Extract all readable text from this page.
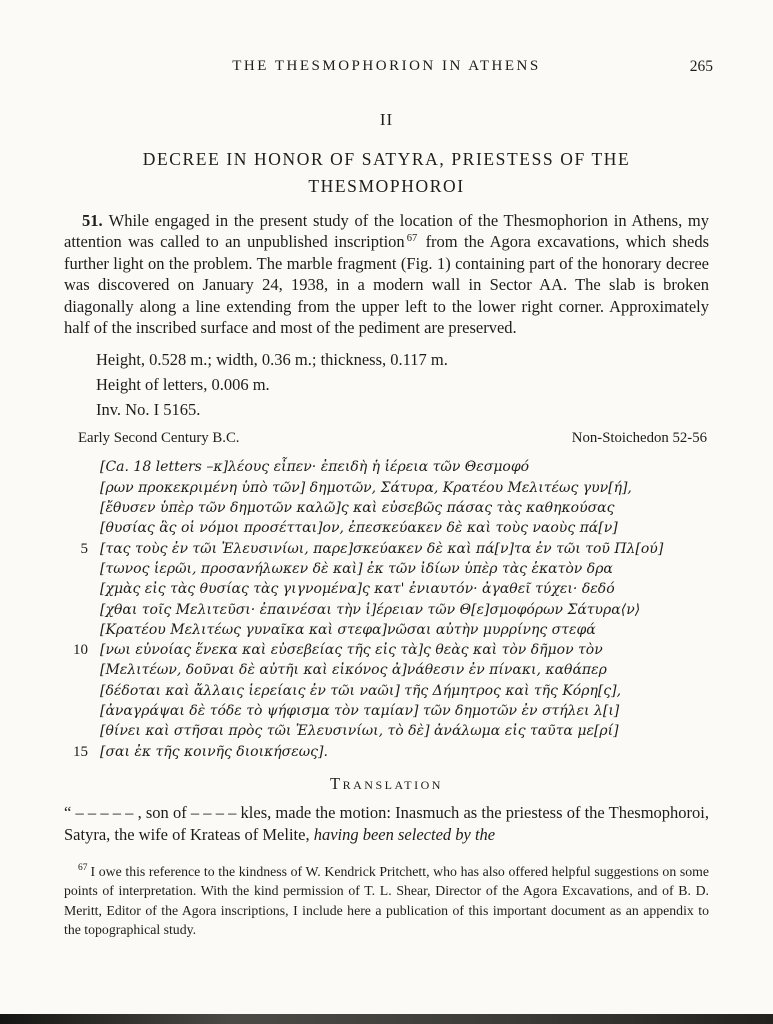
THE THESMOPHORION IN ATHENS	265
II
DECREE IN HONOR OF SATYRA, PRIESTESS OF THE
THESMOPHOROI

51. While engaged in the present study of the location of the Thesmophorion in Athens, my attention was called to an unpublished inscription $^{67}$ from the Agora excavations, which sheds further light on the problem. The marble fragment (Fig. 1) containing part of the honorary decree was discovered on January 24, 1938, in a modern wall in Sector AA. The slab is broken diagonally along a line extending from the upper left to the lower right corner. Approximately half of the inscribed surface and most of the pediment are preserved.

Height, 0.528 m.; width, 0.36 m.; thickness, 0.117 m.
Height of letters, 0.006 m.
Inv. No. I 5165.
Early Second Century B.C.	Non-Stoichedon 52-56
[Ca. 18 letters –κ]λέους εἶπεν· ἐπειδὴ ἡ ἱέρεια τῶν Θεσμοφό
[ρων προκεκριμένη ὑπὸ τῶν] δημοτῶν, Σάτυρα, Κρατέου Μελιτέως γυν[ή],
[ἔθυσεν ὑπὲρ τῶν δημοτῶν καλῶ]ς καὶ εὐσεβῶς πάσας τὰς καθηκούσας
[θυσίας ἃς οἱ νόμοι προσέτται]ον, ἐπεσκεύακεν δὲ καὶ τοὺς ναοὺς πά[ν]
5 [τας τοὺς ἐν τῶι Ἐλευσινίωι, παρε]σκεύακεν δὲ καὶ πά[ν]τα ἐν τῶι τοῦ Πλ[ού]
[τωνος ἱερῶι, προσανήλωκεν δὲ καὶ] ἐκ τῶν ἰδίων ὑπὲρ τὰς ἑκατὸν δρα
[χμὰς εἰς τὰς θυσίας τὰς γιγνομένα]ς κατ' ἐνιαυτόν· ἀγαθεῖ τύχει· δεδό
[χθαι τοῖς Μελιτεῦσι· ἐπαινέσαι τὴν ἱ]έρειαν τῶν Θ[ε]σμοφόρων Σάτυρα⟨ν⟩
[Κρατέου Μελιτέως γυναῖκα καὶ στεφα]νῶσαι αὐτὴν μυρρίνης στεφά
10 [νωι εὐνοίας ἕνεκα καὶ εὐσεβείας τῆς εἰς τὰ]ς θεὰς καὶ τὸν δῆμον τὸν
[Μελιτέων, δοῦναι δὲ αὐτῆι καὶ εἰκόνος ἀ]νάθεσιν ἐν πίνακι, καθάπερ
[δέδοται καὶ ἄλλαις ἱερείαις ἐν τῶι ναῶι] τῆς Δήμητρος καὶ τῆς Κόρη[ς],
[ἀναγράψαι δὲ τόδε τὸ ψήφισμα τὸν ταμίαν] τῶν δημοτῶν ἐν στήλει λ[ι]
[θίνει καὶ στῆσαι πρὸς τῶι Ἐλευσινίωι, τὸ δὲ] ἀνάλωμα εἰς ταῦτα με[ρί]
15 [σαι ἐκ τῆς κοινῆς διοικήσεως].
Translation

“ – – – – – , son of – – – – kles, made the motion: Inasmuch as the priestess of the Thesmophoroi, Satyra, the wife of Krateas of Melite, having been selected by the

$^{67}$ I owe this reference to the kindness of W. Kendrick Pritchett, who has also offered helpful suggestions on some points of interpretation. With the kind permission of T. L. Shear, Director of the Agora Excavations, and of B. D. Meritt, Editor of the Agora inscriptions, I include here a publication of this important document as an appendix to the topographical study.
